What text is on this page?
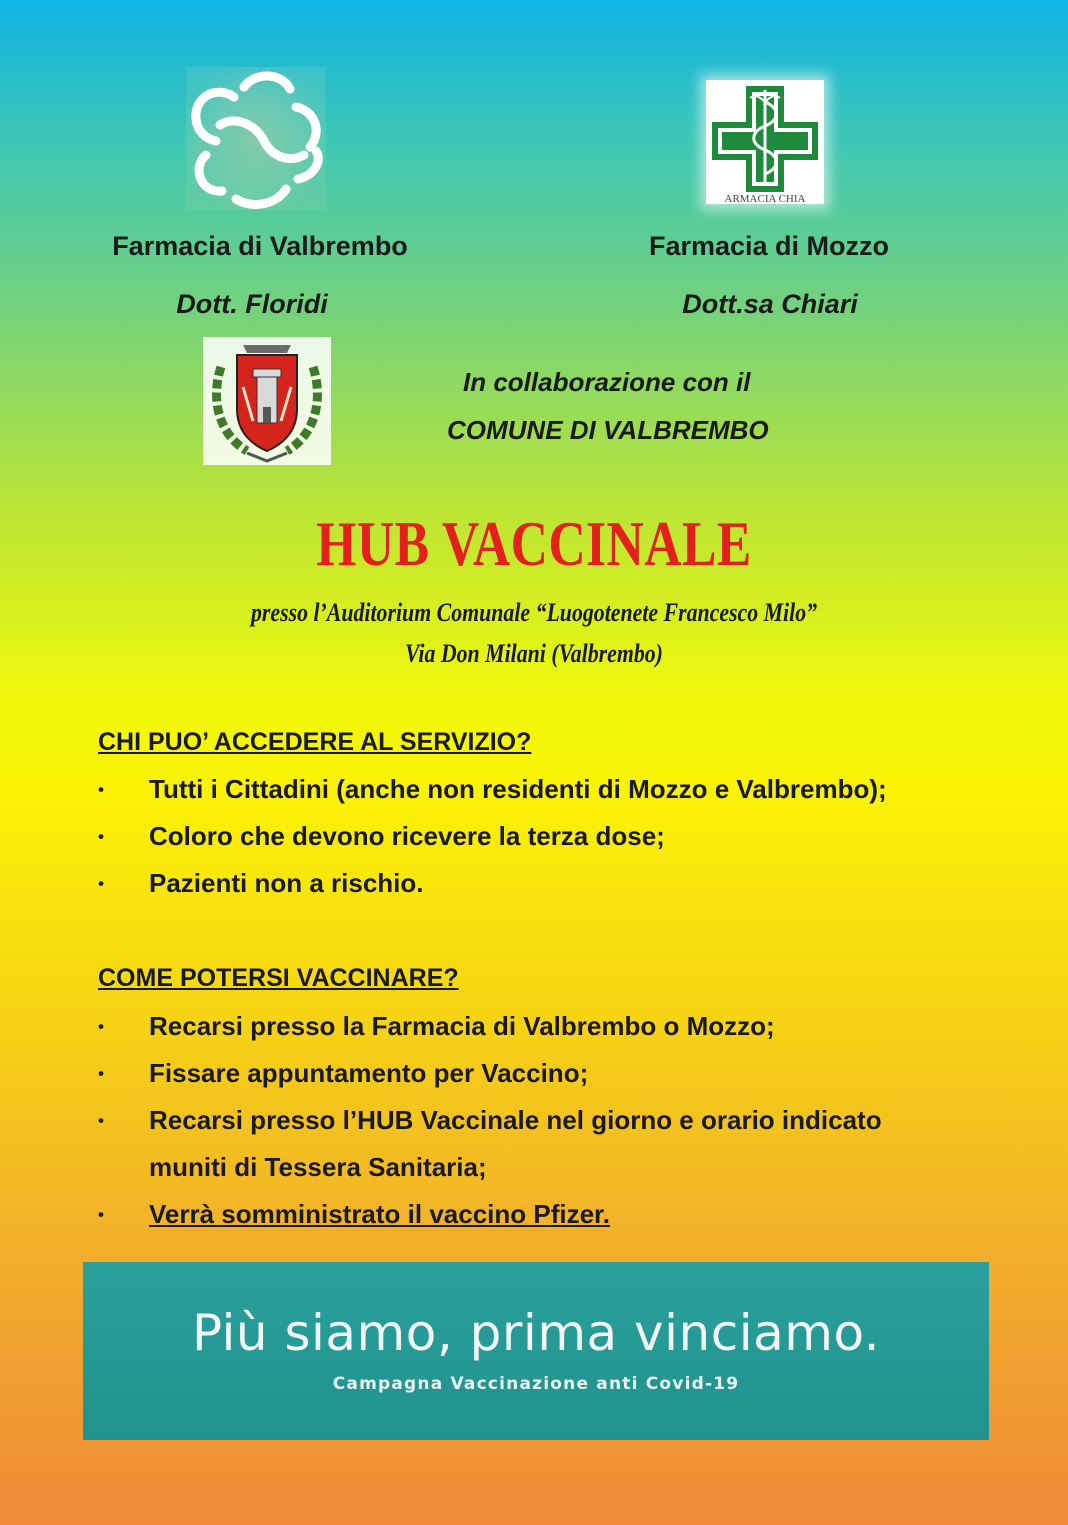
ARMACIA CHIA
Farmacia di Valbrembo
Dott. Floridi
Farmacia di Mozzo
Dott.sa Chiari
In collaborazione con il
COMUNE DI VALBREMBO
HUB VACCINALE
presso l’Auditorium Comunale “Luogotenete Francesco Milo”
Via Don Milani (Valbrembo)
CHI PUO’ ACCEDERE AL SERVIZIO?
• Tutti i Cittadini (anche non residenti di Mozzo e Valbrembo);
• Coloro che devono ricevere la terza dose;
• Pazienti non a rischio.
COME POTERSI VACCINARE?
• Recarsi presso la Farmacia di Valbrembo o Mozzo;
• Fissare appuntamento per Vaccino;
• Recarsi presso l’HUB Vaccinale nel giorno e orario indicato muniti di Tessera Sanitaria;
• Verrà somministrato il vaccino Pfizer.
Più siamo, prima vinciamo.
Campagna Vaccinazione anti Covid-19
